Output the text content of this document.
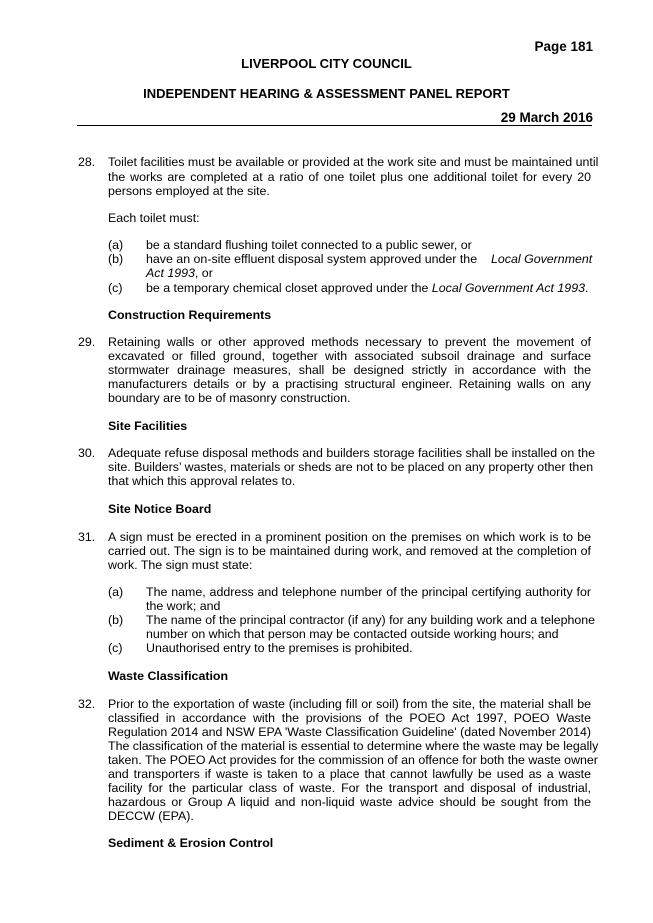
Page 181
LIVERPOOL CITY COUNCIL
INDEPENDENT HEARING & ASSESSMENT PANEL REPORT
29 March 2016
28. Toilet facilities must be available or provided at the work site and must be maintained until
the works are completed at a ratio of one toilet plus one additional toilet for every 20
persons employed at the site.
Each toilet must:
(a) be a standard flushing toilet connected to a public sewer, or
(b) have an on-site effluent disposal system approved under the Local Government
Act 1993, or
(c) be a temporary chemical closet approved under the Local Government Act 1993.
Construction Requirements
29. Retaining walls or other approved methods necessary to prevent the movement of
excavated or filled ground, together with associated subsoil drainage and surface
stormwater drainage measures, shall be designed strictly in accordance with the
manufacturers details or by a practising structural engineer. Retaining walls on any
boundary are to be of masonry construction.
Site Facilities
30. Adequate refuse disposal methods and builders storage facilities shall be installed on the
site. Builders’ wastes, materials or sheds are not to be placed on any property other then
that which this approval relates to.
Site Notice Board
31. A sign must be erected in a prominent position on the premises on which work is to be
carried out. The sign is to be maintained during work, and removed at the completion of
work. The sign must state:
(a) The name, address and telephone number of the principal certifying authority for
the work; and
(b) The name of the principal contractor (if any) for any building work and a telephone
number on which that person may be contacted outside working hours; and
(c) Unauthorised entry to the premises is prohibited.
Waste Classification
32. Prior to the exportation of waste (including fill or soil) from the site, the material shall be
classified in accordance with the provisions of the POEO Act 1997, POEO Waste
Regulation 2014 and NSW EPA 'Waste Classification Guideline' (dated November 2014)
The classification of the material is essential to determine where the waste may be legally
taken. The POEO Act provides for the commission of an offence for both the waste owner
and transporters if waste is taken to a place that cannot lawfully be used as a waste
facility for the particular class of waste. For the transport and disposal of industrial,
hazardous or Group A liquid and non-liquid waste advice should be sought from the
DECCW (EPA).
Sediment & Erosion Control
